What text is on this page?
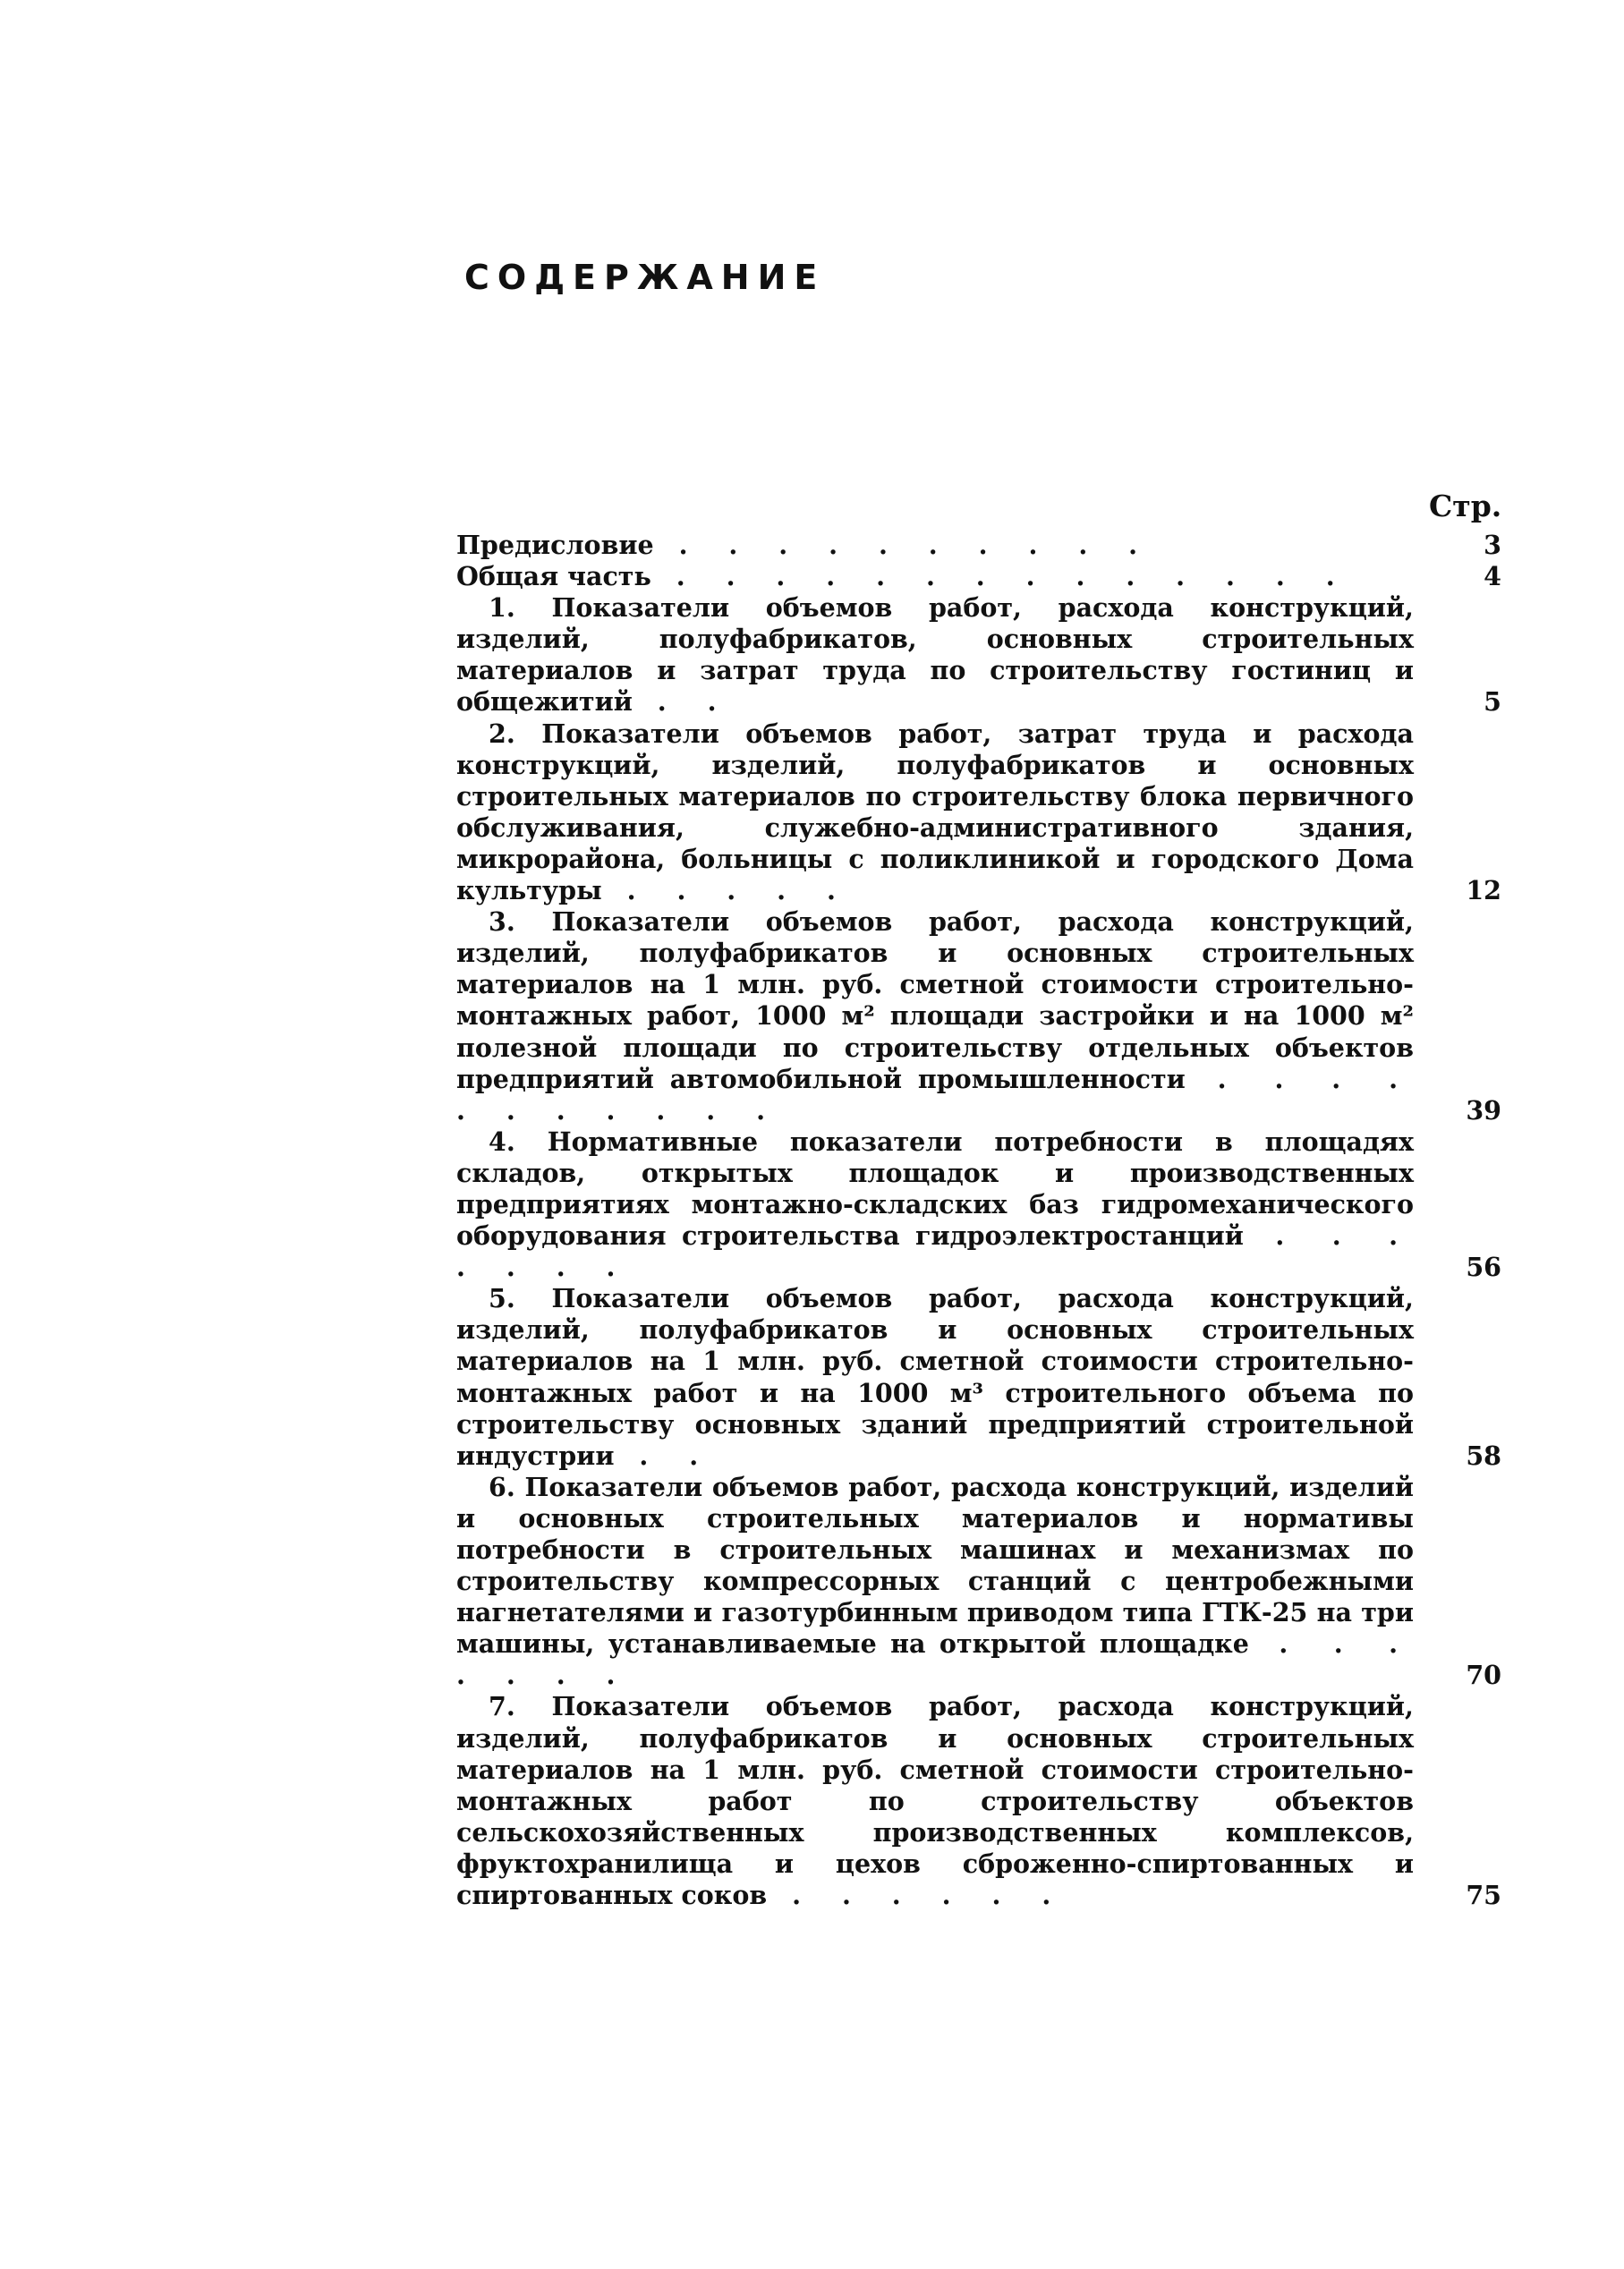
СОДЕРЖАНИЕ
Стр.
Предисловие . . . . . . . . . .	3
Общая часть . . . . . . . . . . . . . .	4
1. Показатели объемов работ, расхода конструкций, изделий, полуфабрикатов, основных строительных материалов и затрат труда по строительству гостиниц и общежитий . .	5
2. Показатели объемов работ, затрат труда и расхода конструкций, изделий, полуфабрикатов и основных строительных материалов по строительству блока первичного обслуживания, служебно-административного здания, микрорайона, больницы с поликлиникой и городского Дома культуры . . . . .	12
3. Показатели объемов работ, расхода конструкций, изделий, полуфабрикатов и основных строительных материалов на 1 млн. руб. сметной стоимости строительно-монтажных работ, 1000 м² площади застройки и на 1000 м² полезной площади по строительству отдельных объектов предприятий автомобильной промышленности . . . . . . . . . . .	39
4. Нормативные показатели потребности в площадях складов, открытых площадок и производственных предприятиях монтажно-складских баз гидромеханического оборудования строительства гидроэлектростанций . . . . . . .	56
5. Показатели объемов работ, расхода конструкций, изделий, полуфабрикатов и основных строительных материалов на 1 млн. руб. сметной стоимости строительно-монтажных работ и на 1000 м³ строительного объема по строительству основных зданий предприятий строительной индустрии . .	58
6. Показатели объемов работ, расхода конструкций, изделий и основных строительных материалов и нормативы потребности в строительных машинах и механизмах по строительству компрессорных станций с центробежными нагнетателями и газотурбинным приводом типа ГТК-25 на три машины, устанавливаемые на открытой площадке . . . . . . .	70
7. Показатели объемов работ, расхода конструкций, изделий, полуфабрикатов и основных строительных материалов на 1 млн. руб. сметной стоимости строительно-монтажных работ по строительству объектов сельскохозяйственных производственных комплексов, фруктохранилища и цехов сброженно-спиртованных и спиртованных соков . . . . . .	75
